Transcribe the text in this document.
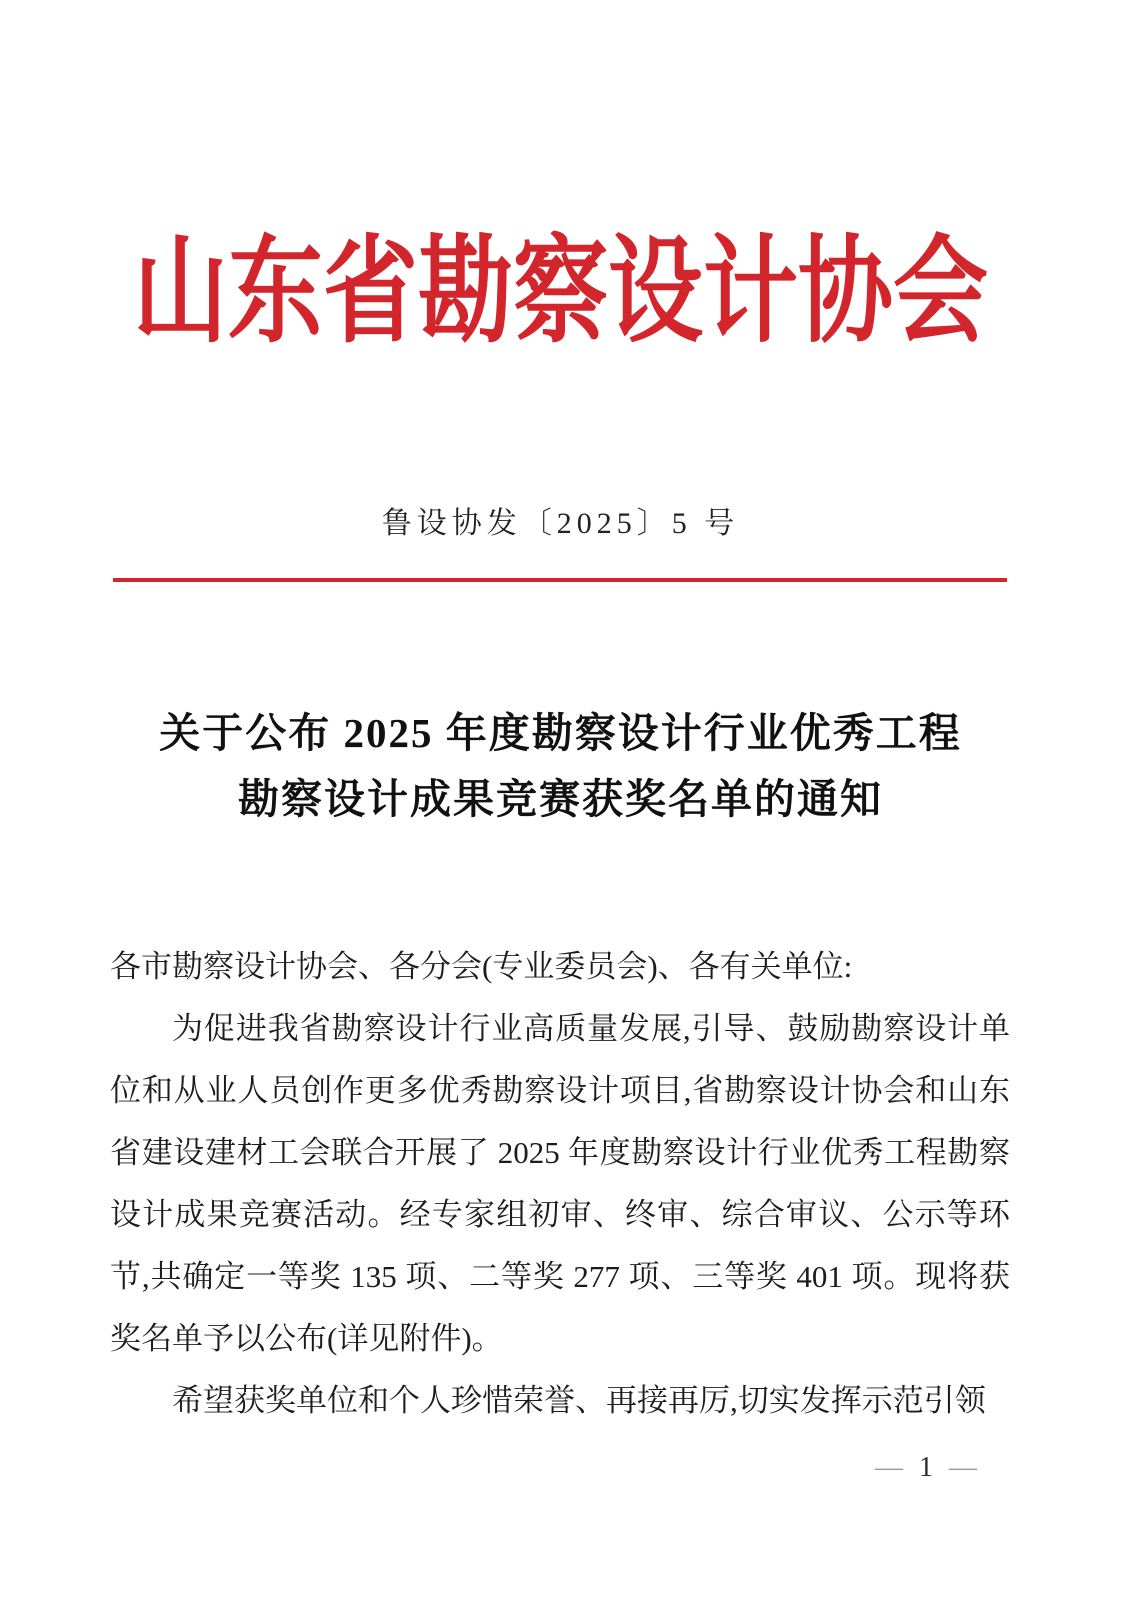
山东省勘察设计协会
鲁设协发〔2025〕5 号
关于公布 2025 年度勘察设计行业优秀工程
勘察设计成果竞赛获奖名单的通知

各市勘察设计协会、各分会(专业委员会)、各有关单位:

为促进我省勘察设计行业高质量发展,引导、鼓励勘察设计单位和从业人员创作更多优秀勘察设计项目,省勘察设计协会和山东省建设建材工会联合开展了 2025 年度勘察设计行业优秀工程勘察设计成果竞赛活动。经专家组初审、终审、综合审议、公示等环节,共确定一等奖 135 项、二等奖 277 项、三等奖 401 项。现将获奖名单予以公布(详见附件)。

希望获奖单位和个人珍惜荣誉、再接再厉,切实发挥示范引领

— 1 —
